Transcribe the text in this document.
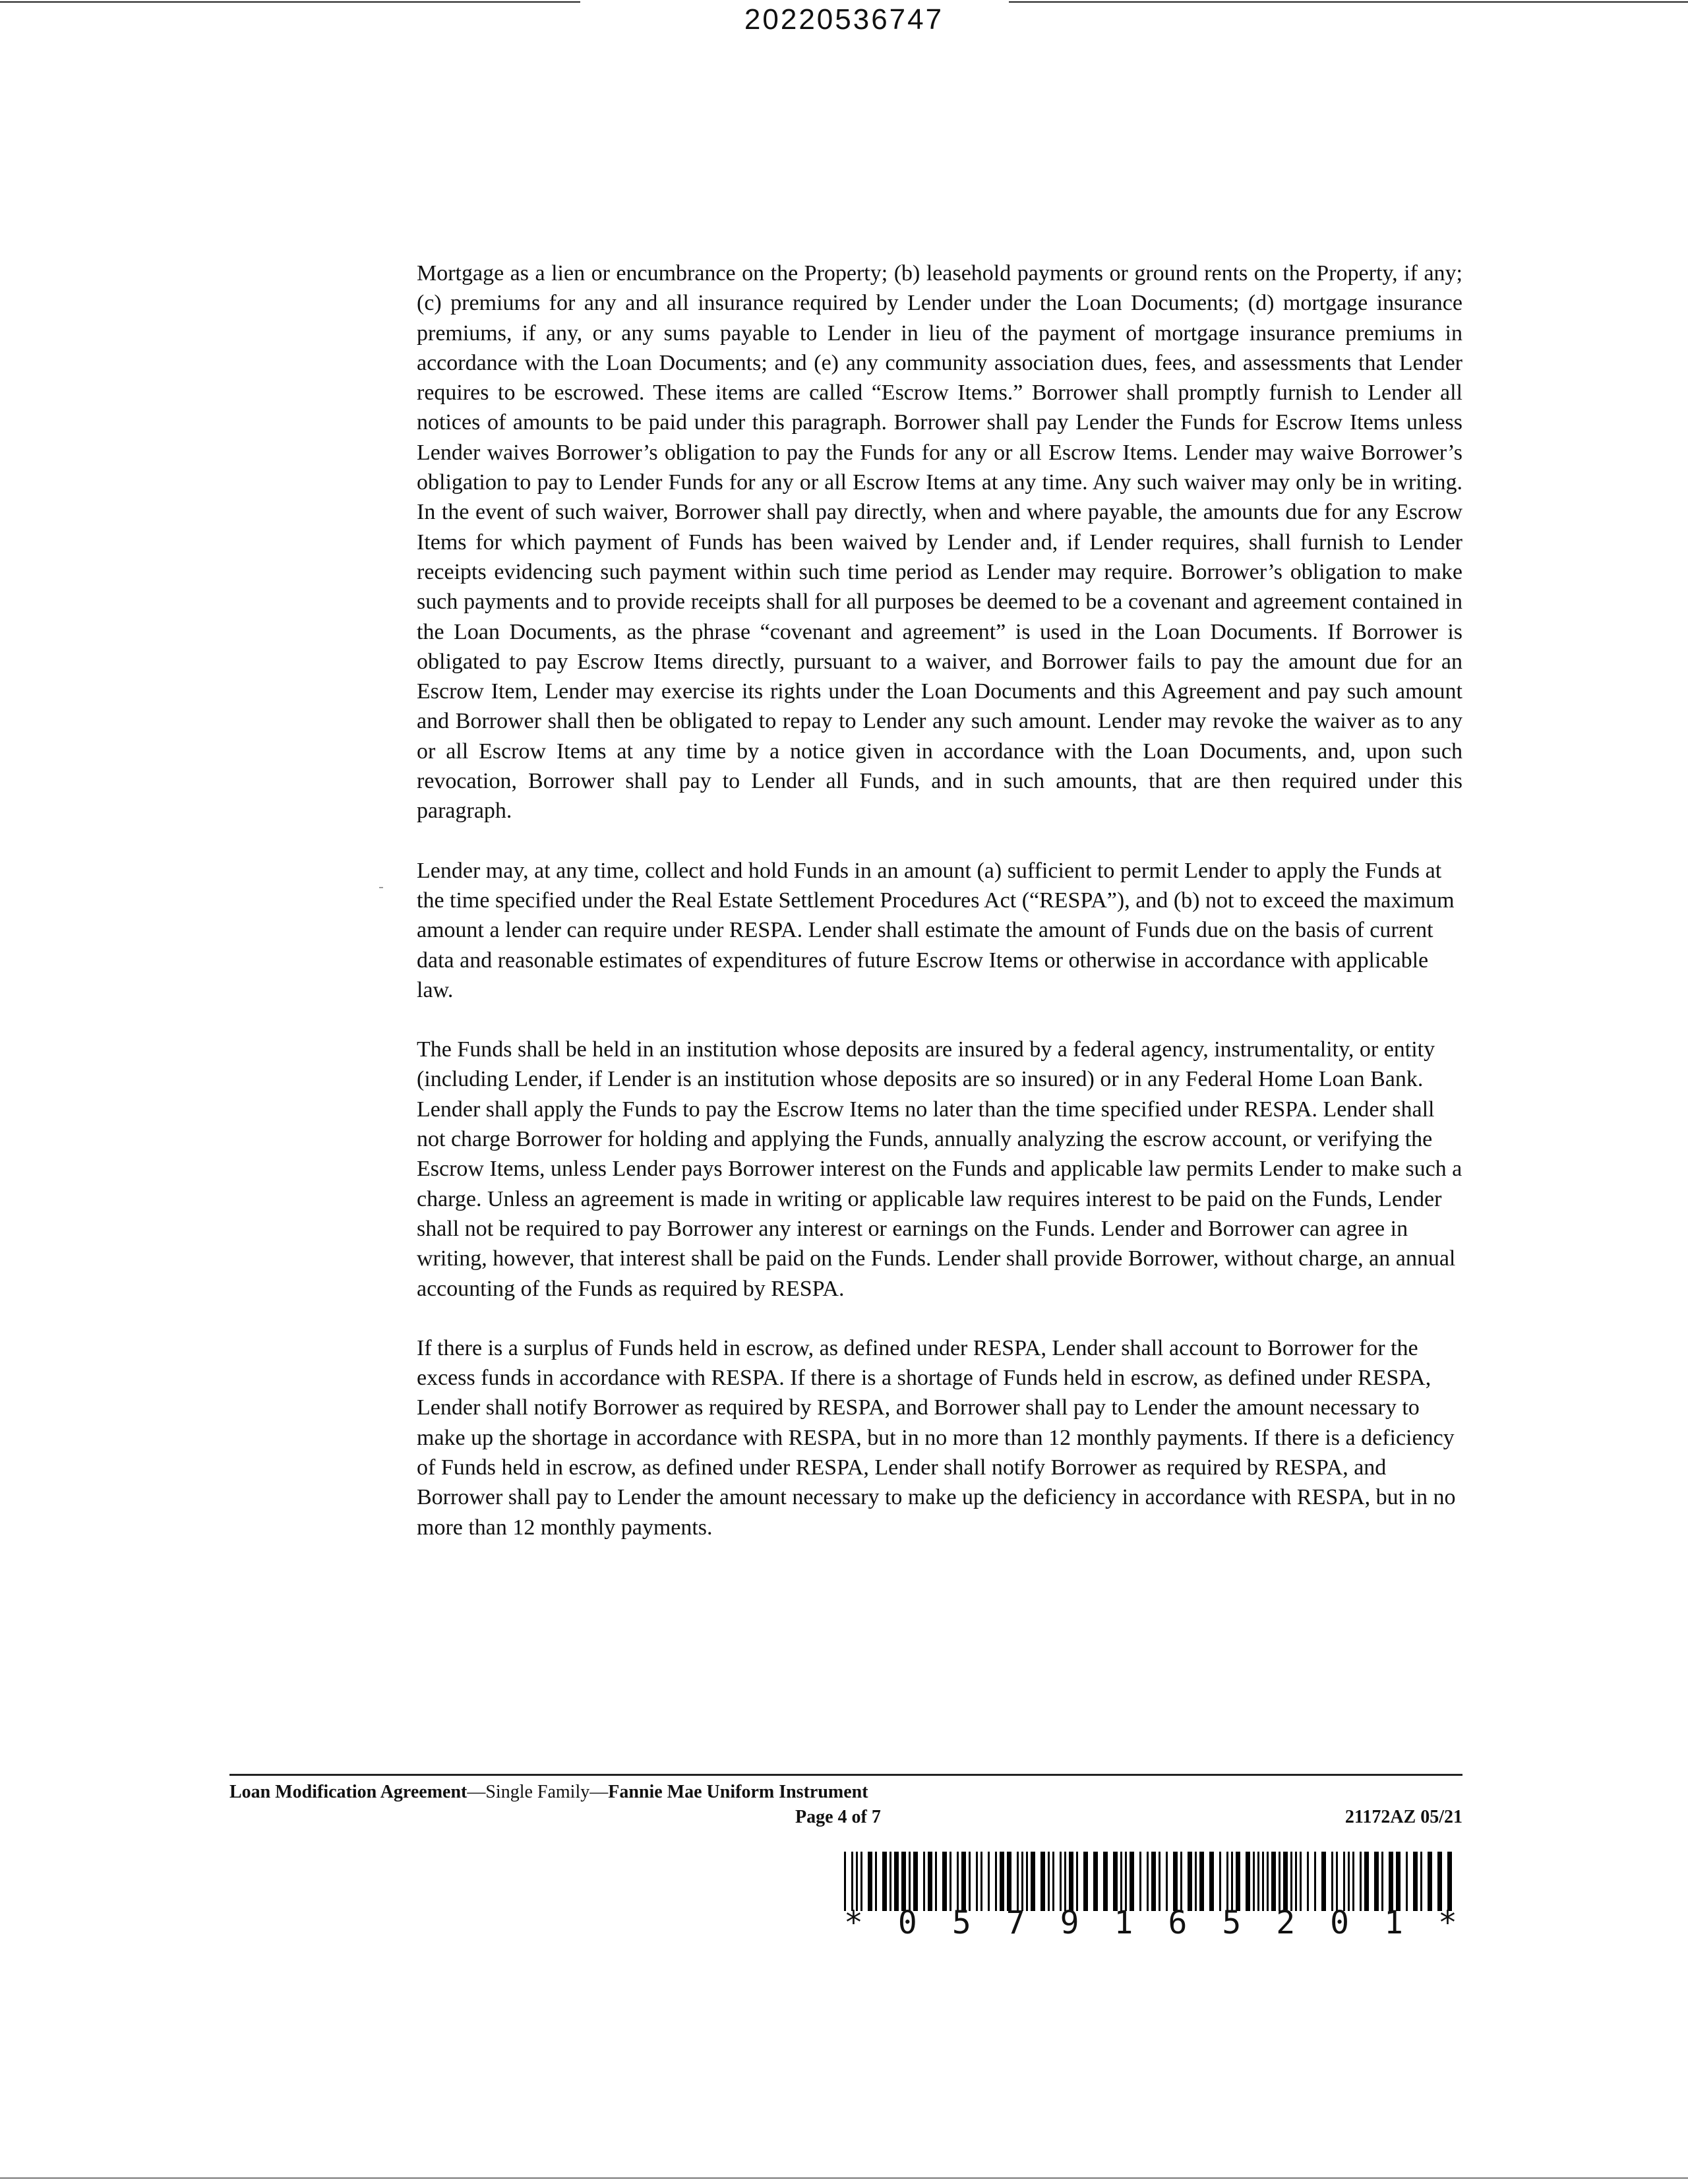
20220536747

Mortgage as a lien or encumbrance on the Property; (b) leasehold payments or ground rents on the Property, if any; (c) premiums for any and all insurance required by Lender under the Loan Documents; (d) mortgage insurance premiums, if any, or any sums payable to Lender in lieu of the payment of mortgage insurance premiums in accordance with the Loan Documents; and (e) any community association dues, fees, and assessments that Lender requires to be escrowed. These items are called “Escrow Items.” Borrower shall promptly furnish to Lender all notices of amounts to be paid under this paragraph. Borrower shall pay Lender the Funds for Escrow Items unless Lender waives Borrower’s obligation to pay the Funds for any or all Escrow Items. Lender may waive Borrower’s obligation to pay to Lender Funds for any or all Escrow Items at any time. Any such waiver may only be in writing. In the event of such waiver, Borrower shall pay directly, when and where payable, the amounts due for any Escrow Items for which payment of Funds has been waived by Lender and, if Lender requires, shall furnish to Lender receipts evidencing such payment within such time period as Lender may require. Borrower’s obligation to make such payments and to provide receipts shall for all purposes be deemed to be a covenant and agreement contained in the Loan Documents, as the phrase “covenant and agreement” is used in the Loan Documents. If Borrower is obligated to pay Escrow Items directly, pursuant to a waiver, and Borrower fails to pay the amount due for an Escrow Item, Lender may exercise its rights under the Loan Documents and this Agreement and pay such amount and Borrower shall then be obligated to repay to Lender any such amount. Lender may revoke the waiver as to any or all Escrow Items at any time by a notice given in accordance with the Loan Documents, and, upon such revocation, Borrower shall pay to Lender all Funds, and in such amounts, that are then required under this paragraph.

Lender may, at any time, collect and hold Funds in an amount (a) sufficient to permit Lender to apply the Funds at the time specified under the Real Estate Settlement Procedures Act (“RESPA”), and (b) not to exceed the maximum amount a lender can require under RESPA. Lender shall estimate the amount of Funds due on the basis of current data and reasonable estimates of expenditures of future Escrow Items or otherwise in accordance with applicable law.

The Funds shall be held in an institution whose deposits are insured by a federal agency, instrumentality, or entity (including Lender, if Lender is an institution whose deposits are so insured) or in any Federal Home Loan Bank. Lender shall apply the Funds to pay the Escrow Items no later than the time specified under RESPA. Lender shall not charge Borrower for holding and applying the Funds, annually analyzing the escrow account, or verifying the Escrow Items, unless Lender pays Borrower interest on the Funds and applicable law permits Lender to make such a charge. Unless an agreement is made in writing or applicable law requires interest to be paid on the Funds, Lender shall not be required to pay Borrower any interest or earnings on the Funds. Lender and Borrower can agree in writing, however, that interest shall be paid on the Funds. Lender shall provide Borrower, without charge, an annual accounting of the Funds as required by RESPA.

If there is a surplus of Funds held in escrow, as defined under RESPA, Lender shall account to Borrower for the excess funds in accordance with RESPA. If there is a shortage of Funds held in escrow, as defined under RESPA, Lender shall notify Borrower as required by RESPA, and Borrower shall pay to Lender the amount necessary to make up the shortage in accordance with RESPA, but in no more than 12 monthly payments. If there is a deficiency of Funds held in escrow, as defined under RESPA, Lender shall notify Borrower as required by RESPA, and Borrower shall pay to Lender the amount necessary to make up the deficiency in accordance with RESPA, but in no more than 12 monthly payments.

Loan Modification Agreement—Single Family—Fannie Mae Uniform Instrument
Page 4 of 7	21172AZ 05/21
* 0 5 7 9 1 6 5 2 0 1 *
